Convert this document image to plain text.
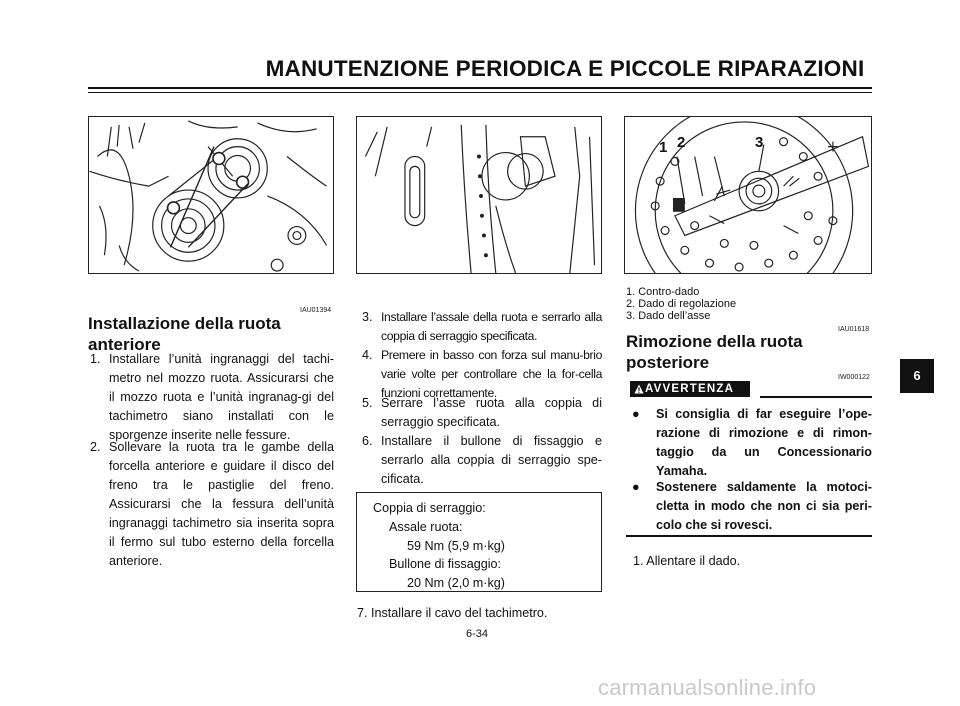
MANUTENZIONE PERIODICA E PICCOLE RIPARAZIONI
1 2	3
IAU01394
Installazione della ruota
anteriore
1. Installare l’unità ingranaggi del tachi-metro nel mozzo ruota. Assicurarsi che il mozzo ruota e l’unità ingranag-gi del tachimetro siano installati con le sporgenze inserite nelle fessure.
2. Sollevare la ruota tra le gambe della forcella anteriore e guidare il disco del freno tra le pastiglie del freno. Assicurarsi che la fessura dell’unità ingranaggi tachimetro sia inserita sopra il fermo sul tubo esterno della forcella anteriore.
3. Installare l’assale della ruota e serrarlo alla coppia di serraggio specificata.
4. Premere in basso con forza sul manu-brio varie volte per controllare che la for-cella funzioni correttamente.
5. Serrare l’asse ruota alla coppia di serraggio specificata.
6. Installare il bullone di fissaggio e serrarlo alla coppia di serraggio spe-cificata.
Coppia di serraggio:
Assale ruota:
59 Nm (5,9 m·kg)
Bullone di fissaggio:
20 Nm (2,0 m·kg)
7. Installare il cavo del tachimetro.
6-34
1. Contro-dado
2. Dado di regolazione
3. Dado dell’asse
IAU01618
Rimozione della ruota
posteriore
IW000122
AVVERTENZA
● Si consiglia di far eseguire l’ope-razione di rimozione e di rimon-taggio da un Concessionario Yamaha.
● Sostenere saldamente la motoci-cletta in modo che non ci sia peri-colo che si rovesci.
1. Allentare il dado.
6
carmanualsonline.info
